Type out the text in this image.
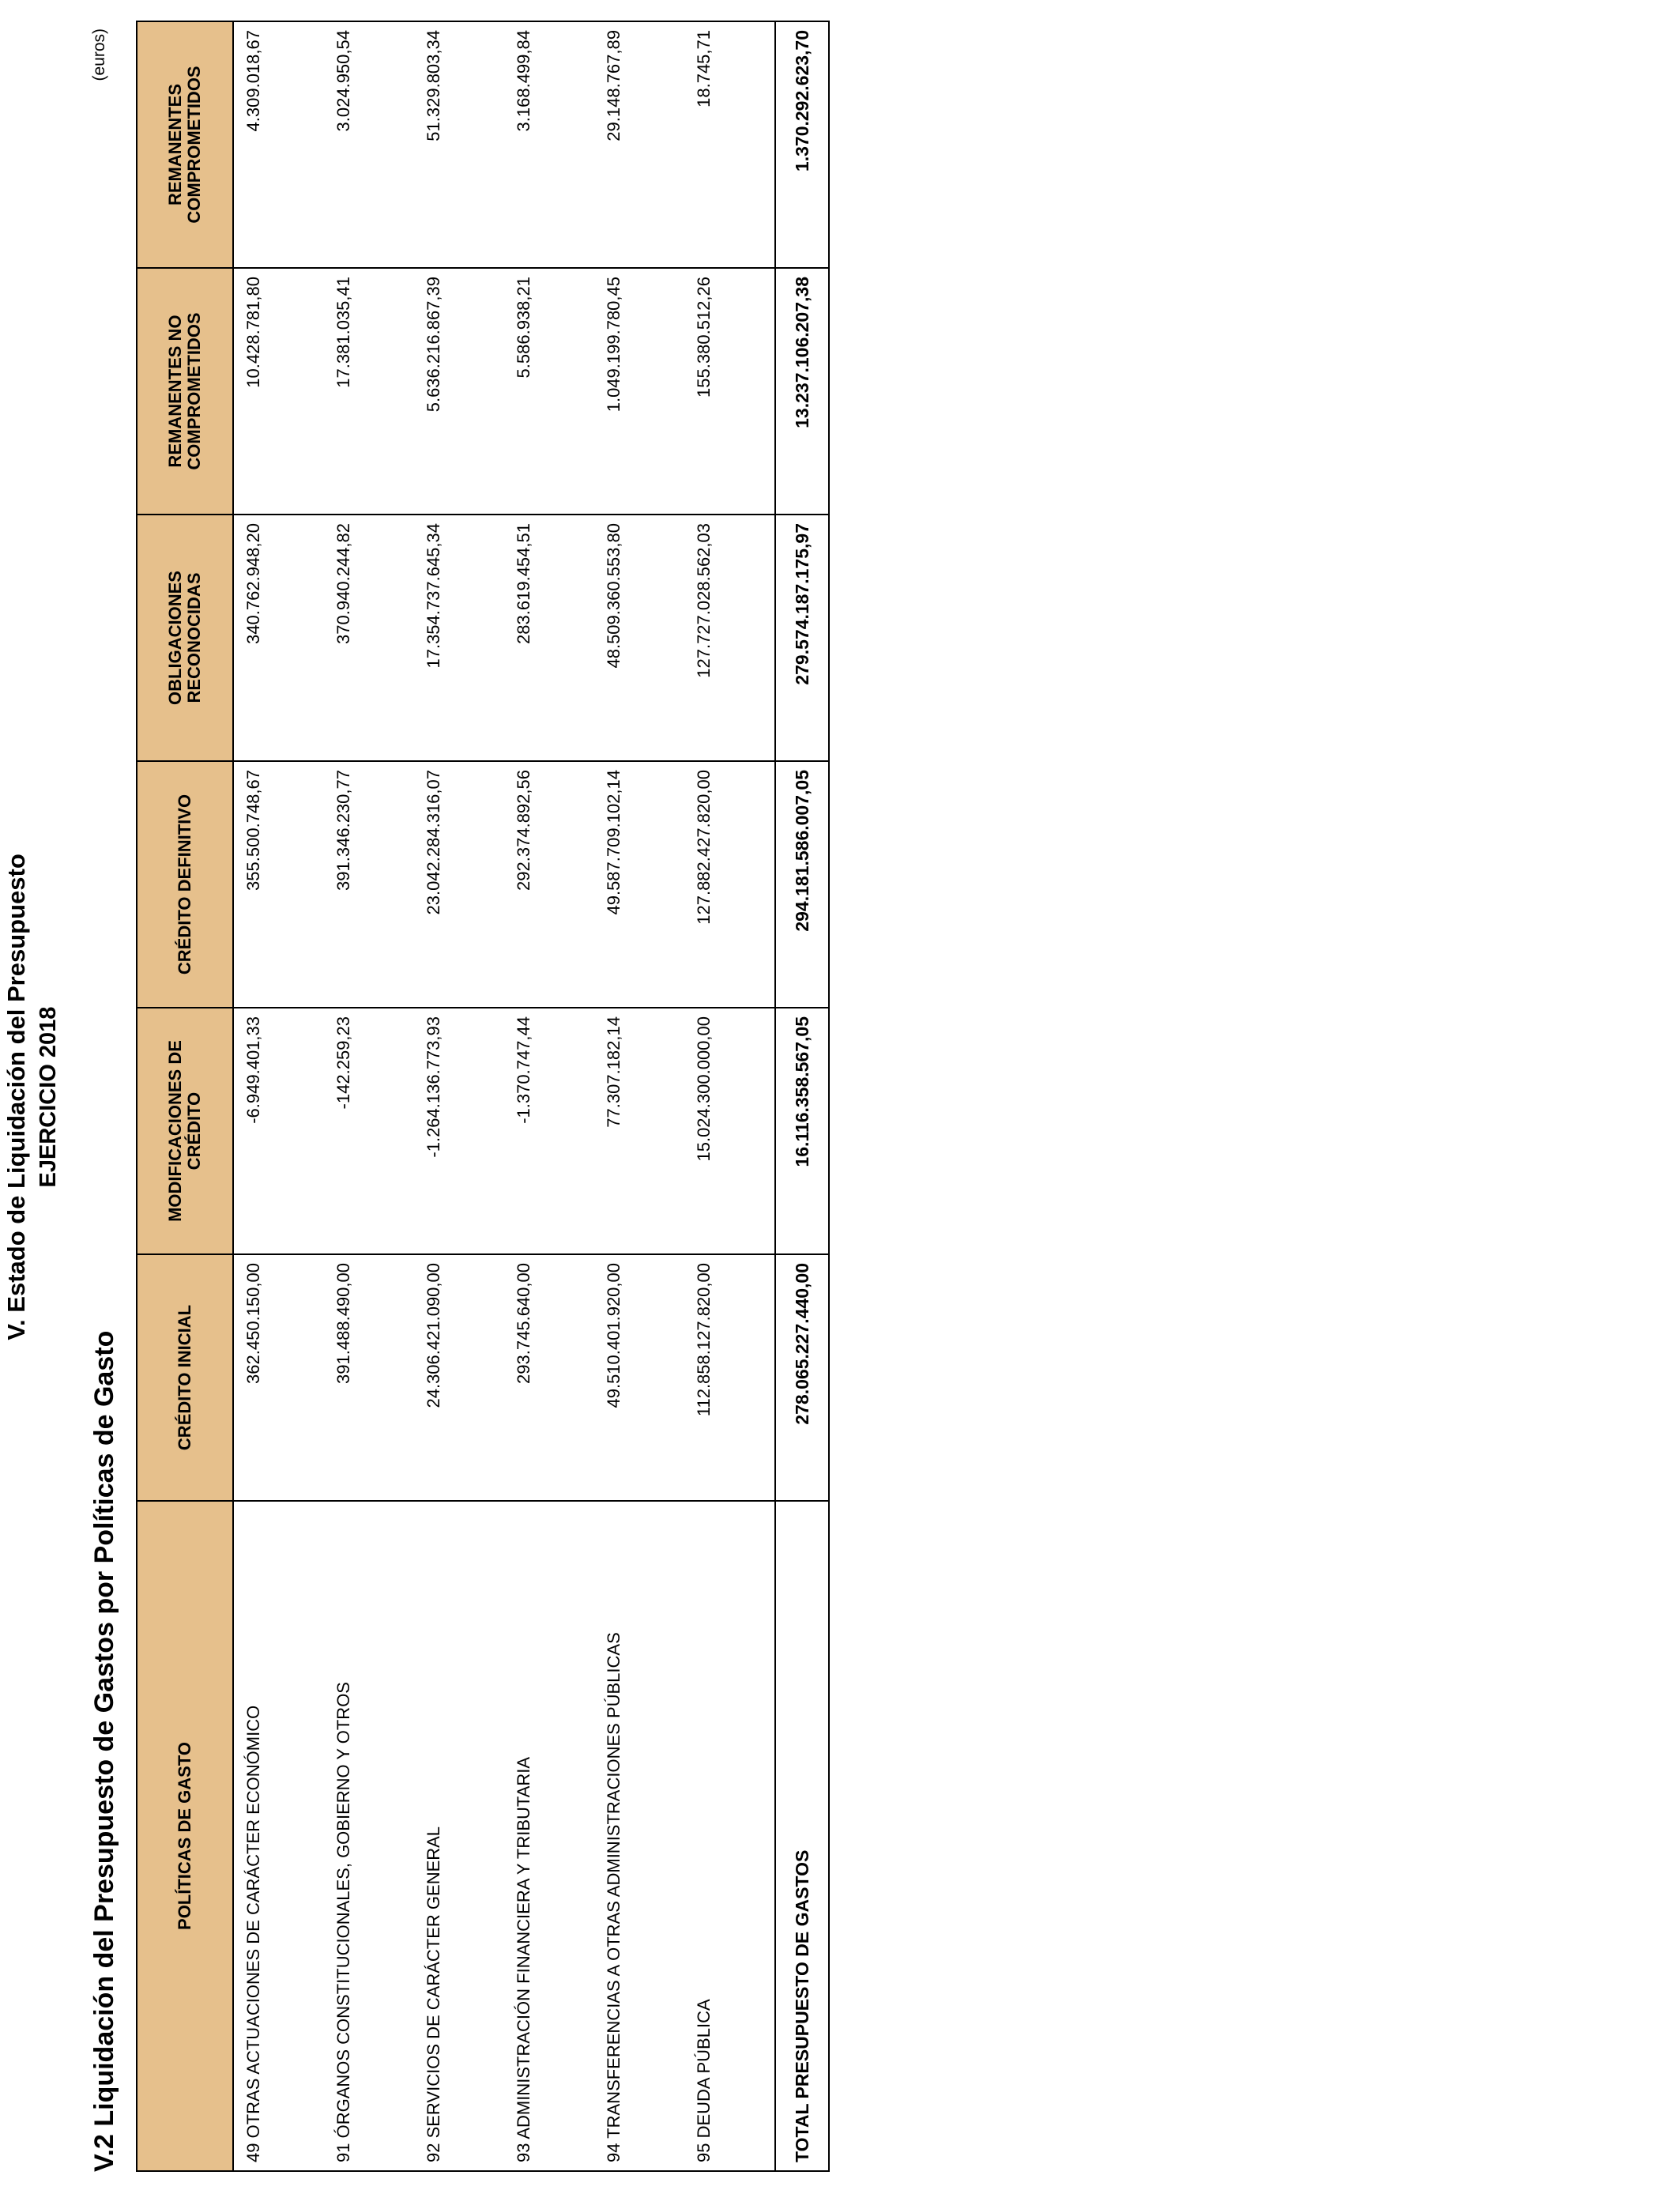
V. Estado de Liquidación del Presupuesto EJERCICIO 2018
V.2 Liquidación del Presupuesto de Gastos por Políticas de Gasto
(euros)
POLÍTICAS DE GASTO	CRÉDITO INICIAL	MODIFICACIONES DE CRÉDITO	CRÉDITO DEFINITIVO	OBLIGACIONES RECONOCIDAS	REMANENTES NO COMPROMETIDOS	REMANENTES COMPROMETIDOS
49 OTRAS ACTUACIONES DE CARÁCTER ECONÓMICO	362.450.150,00	-6.949.401,33	355.500.748,67	340.762.948,20	10.428.781,80	4.309.018,67
91 ÓRGANOS CONSTITUCIONALES, GOBIERNO Y OTROS	391.488.490,00	-142.259,23	391.346.230,77	370.940.244,82	17.381.035,41	3.024.950,54
92 SERVICIOS DE CARÁCTER GENERAL	24.306.421.090,00	-1.264.136.773,93	23.042.284.316,07	17.354.737.645,34	5.636.216.867,39	51.329.803,34
93 ADMINISTRACIÓN FINANCIERA Y TRIBUTARIA	293.745.640,00	-1.370.747,44	292.374.892,56	283.619.454,51	5.586.938,21	3.168.499,84
94 TRANSFERENCIAS A OTRAS ADMINISTRACIONES PÚBLICAS	49.510.401.920,00	77.307.182,14	49.587.709.102,14	48.509.360.553,80	1.049.199.780,45	29.148.767,89
95 DEUDA PÚBLICA	112.858.127.820,00	15.024.300.000,00	127.882.427.820,00	127.727.028.562,03	155.380.512,26	18.745,71
TOTAL PRESUPUESTO DE GASTOS	278.065.227.440,00	16.116.358.567,05	294.181.586.007,05	279.574.187.175,97	13.237.106.207,38	1.370.292.623,70
